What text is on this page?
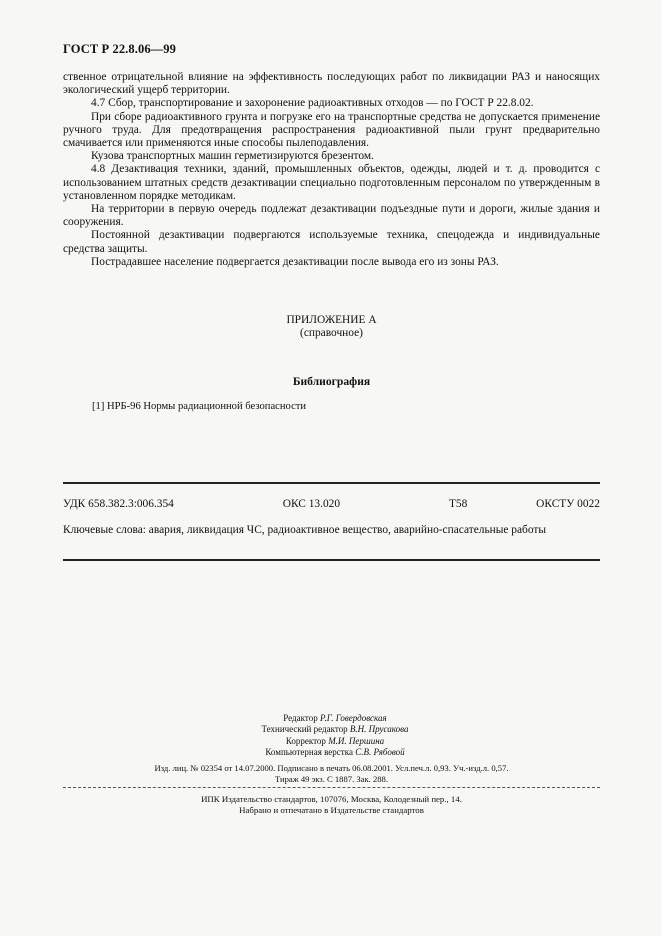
ГОСТ Р 22.8.06—99

ственное отрицательной влияние на эффективность последующих работ по ликвидации РАЗ и наносящих экологический ущерб территории.

4.7 Сбор, транспортирование и захоронение радиоактивных отходов — по ГОСТ Р 22.8.02.

При сборе радиоактивного грунта и погрузке его на транспортные средства не допускается применение ручного труда. Для предотвращения распространения радиоактивной пыли грунт предварительно смачивается или применяются иные способы пылеподавления.

Кузова транспортных машин герметизируются брезентом.

4.8 Дезактивация техники, зданий, промышленных объектов, одежды, людей и т. д. проводится с использованием штатных средств дезактивации специально подготовленным персоналом по утвержденным в установленном порядке методикам.

На территории в первую очередь подлежат дезактивации подъездные пути и дороги, жилые здания и сооружения.

Постоянной дезактивации подвергаются используемые техника, спецодежда и индивидуальные средства защиты.

Пострадавшее население подвергается дезактивации после вывода его из зоны РАЗ.

ПРИЛОЖЕНИЕ А
(справочное)
Библиография
[1] НРБ-96 Нормы радиационной безопасности
УДК 658.382.3:006.354	ОКС 13.020	Т58	ОКСТУ 0022
Ключевые слова: авария, ликвидация ЧС, радиоактивное вещество, аварийно-спасательные работы
Редактор Р.Г. Говердовская
Технический редактор В.Н. Прусакова
Корректор М.И. Першина
Компьютерная верстка С.В. Рябовой
Изд. лиц. № 02354 от 14.07.2000. Подписано в печать 06.08.2001. Усл.печ.л. 0,93. Уч.-изд.л. 0,57.
Тираж 49 экз. С 1887. Зак. 288.
ИПК Издательство стандартов, 107076, Москва, Колодезный пер., 14.
Набрано и отпечатано в Издательстве стандартов
